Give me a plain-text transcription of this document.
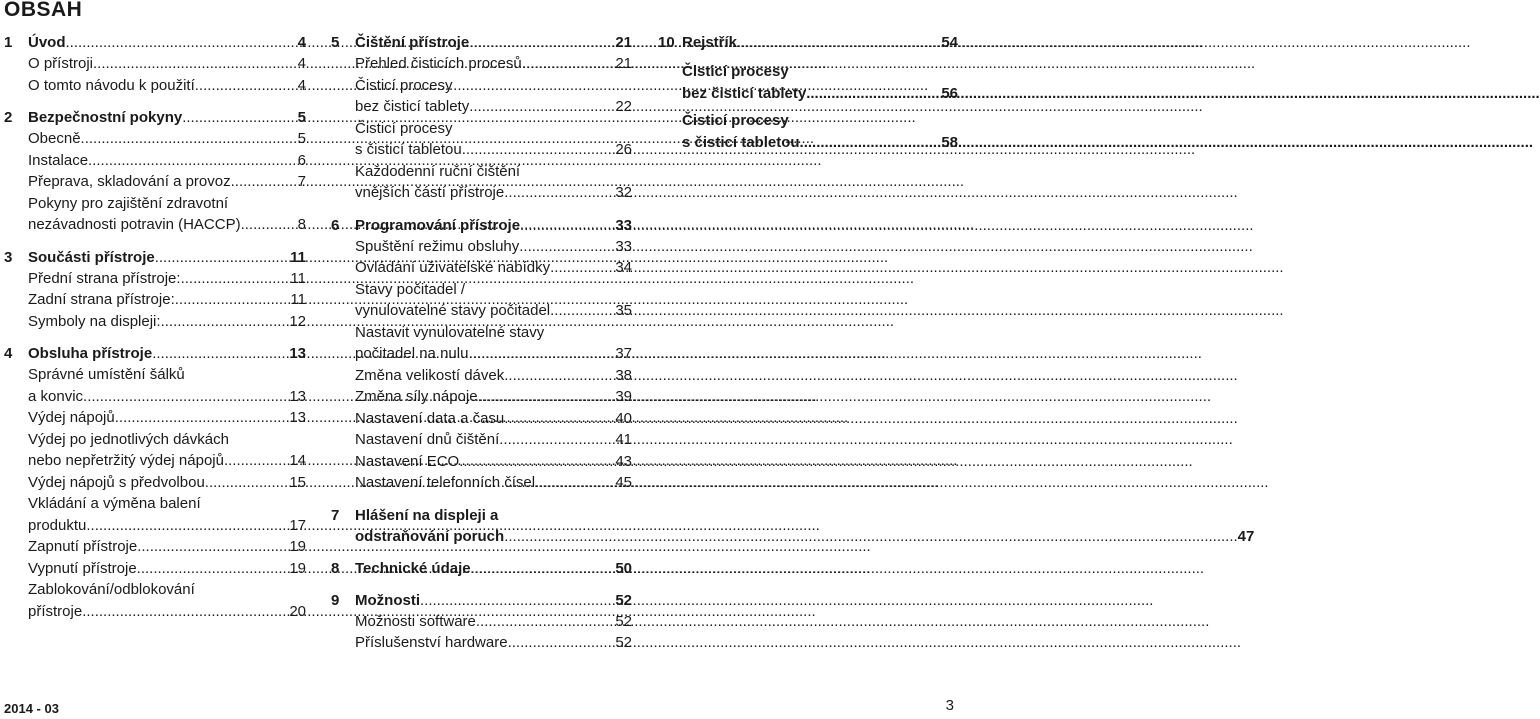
OBSAH
1	Úvod .....	4
O přístroji .....	4
O tomto návodu k použití .....	4
2	Bezpečnostní pokyny .....	5
Obecně .....	5
Instalace .....	6
Přeprava, skladování a provoz .....	7
Pokyny pro zajištění zdravotní
nezávadnosti potravin (HACCP) .....	8
3	Součásti přístroje .....	11
Přední strana přístroje: .....	11
Zadní strana přístroje: .....	11
Symboly na displeji: .....	12
4	Obsluha přístroje .....	13
Správné umístění šálků
a konvic .....	13
Výdej nápojů .....	13
Výdej po jednotlivých dávkách
nebo nepřetržitý výdej nápojů .....	14
Výdej nápojů s předvolbou .....	15
Vkládání a výměna balení
produktu .....	17
Zapnutí přístroje .....	19
Vypnutí přístroje .....	19
Zablokování/odblokování
přístroje .....	20
5	Čištění přístroje .....	21
Přehled čisticích procesů .....	21
Čisticí procesy
bez čisticí tablety .....	22
Čisticí procesy
s čisticí tabletou .....	26
Každodenní ruční čištění
vnějších částí přístroje .....	32
6	Programování přístroje .....	33
Spuštění režimu obsluhy .....	33
Ovládání uživatelské nabídky .....	34
Stavy počitadel /
vynulovatelné stavy počitadel .....	35
Nastavit vynulovatelné stavy
počitadel na nulu .....	37
Změna velikostí dávek .....	38
Změna síly nápoje .....	39
Nastavení data a času .....	40
Nastavení dnů čištění .....	41
Nastavení ECO .....	43
Nastavení telefonních čísel .....	45
7	Hlášení na displeji a
odstraňování poruch .....	47
8	Technické údaje .....	50
9	Možnosti .....	52
Možnosti software .....	52
Příslušenství hardware .....	52
10 Rejstřík .....	54
Čisticí procesy
bez čisticí tablety .....	56
Čisticí procesy
s čisticí tabletou .....	58
2014 - 03	3
